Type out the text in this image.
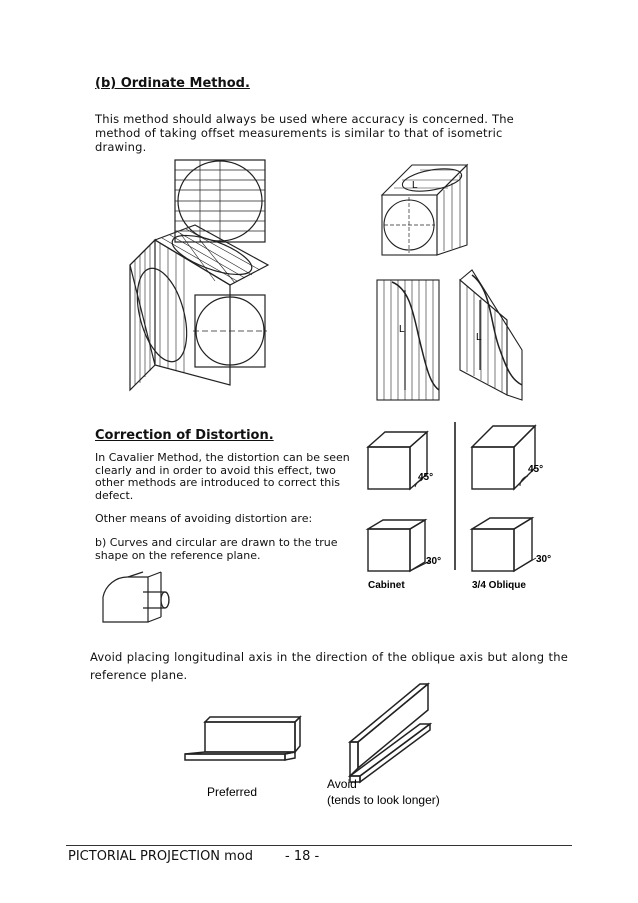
(b) Ordinate Method.
This method should always be used where accuracy is concerned. The method of taking offset measurements is similar to that of isometric drawing.
L
L
L
Correction of Distortion.
In Cavalier Method, the distortion can be seen clearly and in order to avoid this effect, two other methods are introduced to correct this defect.
Other means of avoiding distortion are:
b) Curves and circular are drawn to the true shape on the reference plane.
45°
45°
30°	30°
Cabinet	3/4 Oblique
Avoid placing longitudinal axis in the direction of the oblique axis but along the reference plane.
Preferred
Avoid
(tends to look longer)
PICTORIAL PROJECTION mod - 18 -
